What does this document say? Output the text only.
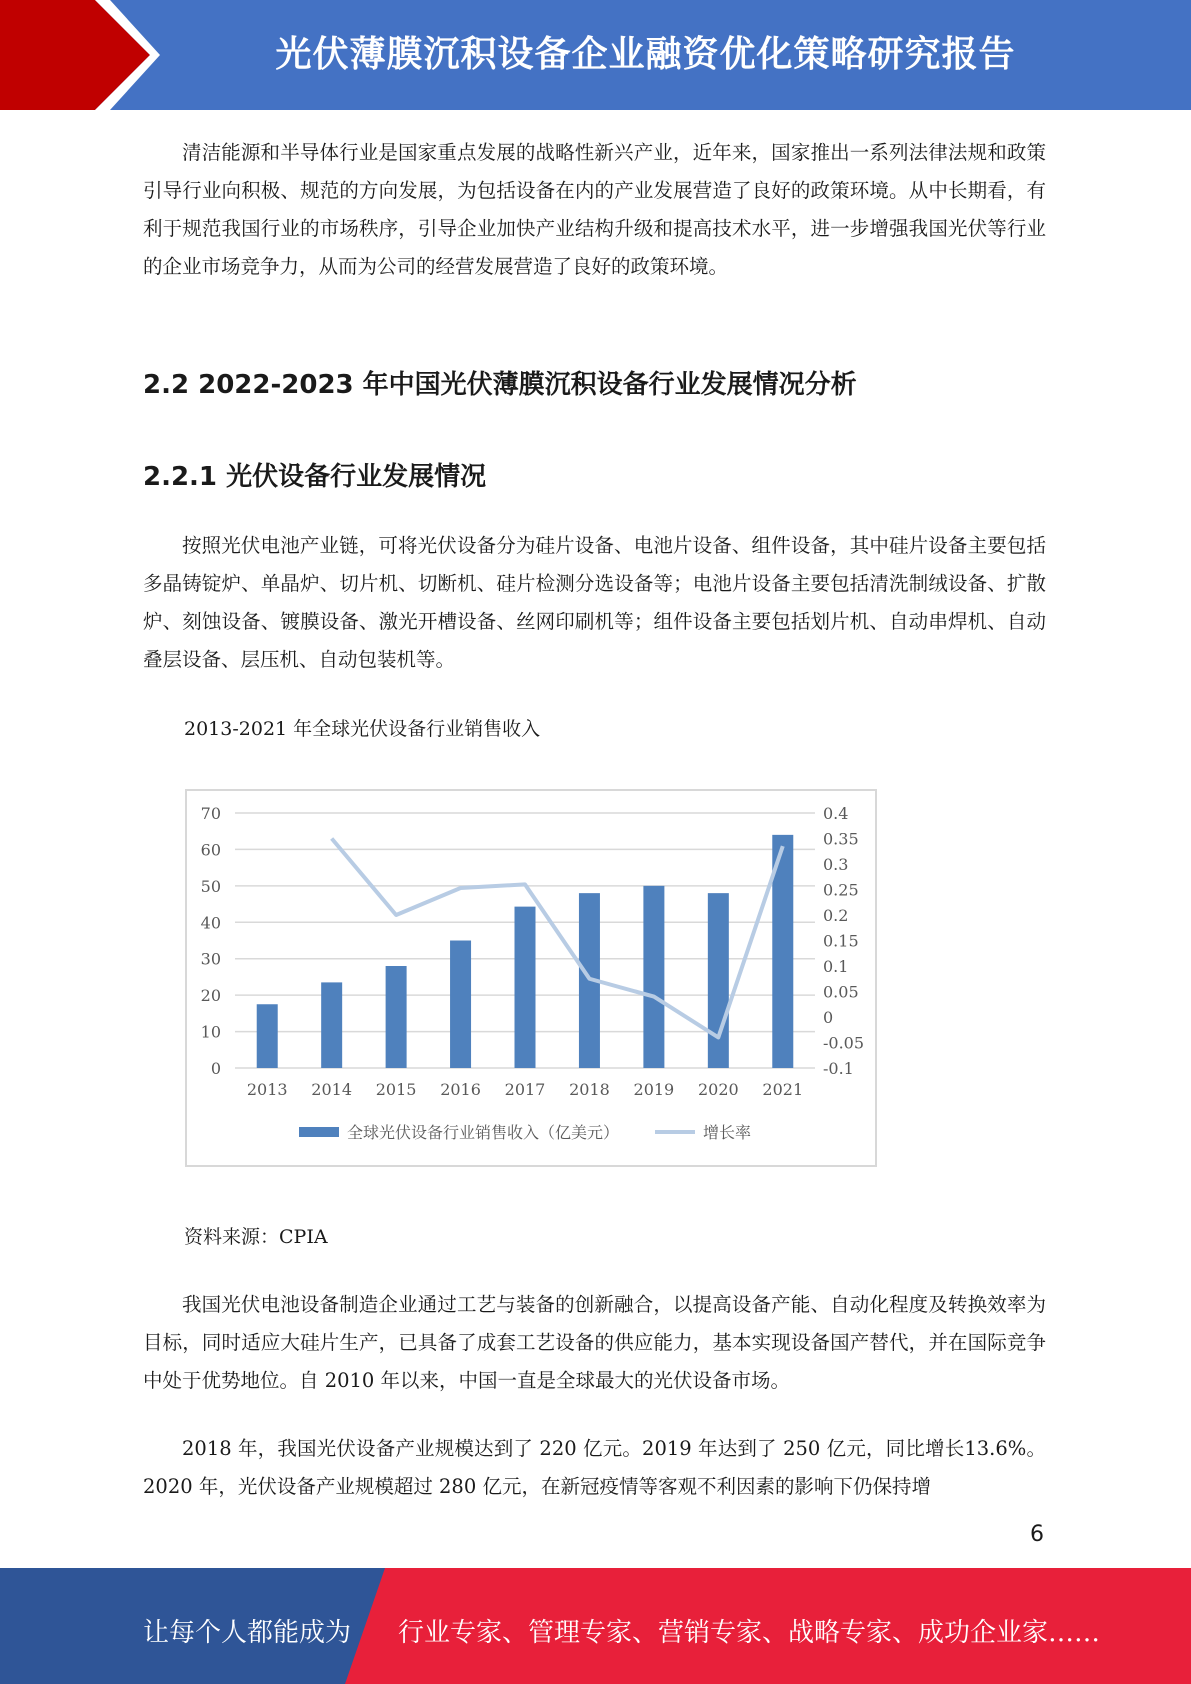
光伏薄膜沉积设备企业融资优化策略研究报告

清洁能源和半导体行业是国家重点发展的战略性新兴产业，近年来，国家推出一系列法律法规和政策引导行业向积极、规范的方向发展，为包括设备在内的产业发展营造了良好的政策环境。从中长期看，有利于规范我国行业的市场秩序，引导企业加快产业结构升级和提高技术水平，进一步增强我国光伏等行业的企业市场竞争力，从而为公司的经营发展营造了良好的政策环境。

2.2 2022-2023 年中国光伏薄膜沉积设备行业发展情况分析
2.2.1 光伏设备行业发展情况

按照光伏电池产业链，可将光伏设备分为硅片设备、电池片设备、组件设备，其中硅片设备主要包括多晶铸锭炉、单晶炉、切片机、切断机、硅片检测分选设备等；电池片设备主要包括清洗制绒设备、扩散炉、刻蚀设备、镀膜设备、激光开槽设备、丝网印刷机等；组件设备主要包括划片机、自动串焊机、自动叠层设备、层压机、自动包装机等。

2013-2021 年全球光伏设备行业销售收入
0
10
20
30
40
50
60
70
-0.1
-0.05
0
0.05
0.1
0.15
0.2
0.25
0.3
0.35
0.4
2013 2014 2015 2016 2017 2018 2019 2020 2021
全球光伏设备行业销售收入（亿美元）	增长率
资料来源：CPIA

我国光伏电池设备制造企业通过工艺与装备的创新融合，以提高设备产能、自动化程度及转换效率为目标，同时适应大硅片生产，已具备了成套工艺设备的供应能力，基本实现设备国产替代，并在国际竞争中处于优势地位。自 2010 年以来，中国一直是全球最大的光伏设备市场。

2018 年，我国光伏设备产业规模达到了 220 亿元。2019 年达到了 250 亿元，同比增长13.6%。2020 年，光伏设备产业规模超过 280 亿元，在新冠疫情等客观不利因素的影响下仍保持增

6
让每个人都能成为 行业专家、管理专家、营销专家、战略专家、成功企业家……
